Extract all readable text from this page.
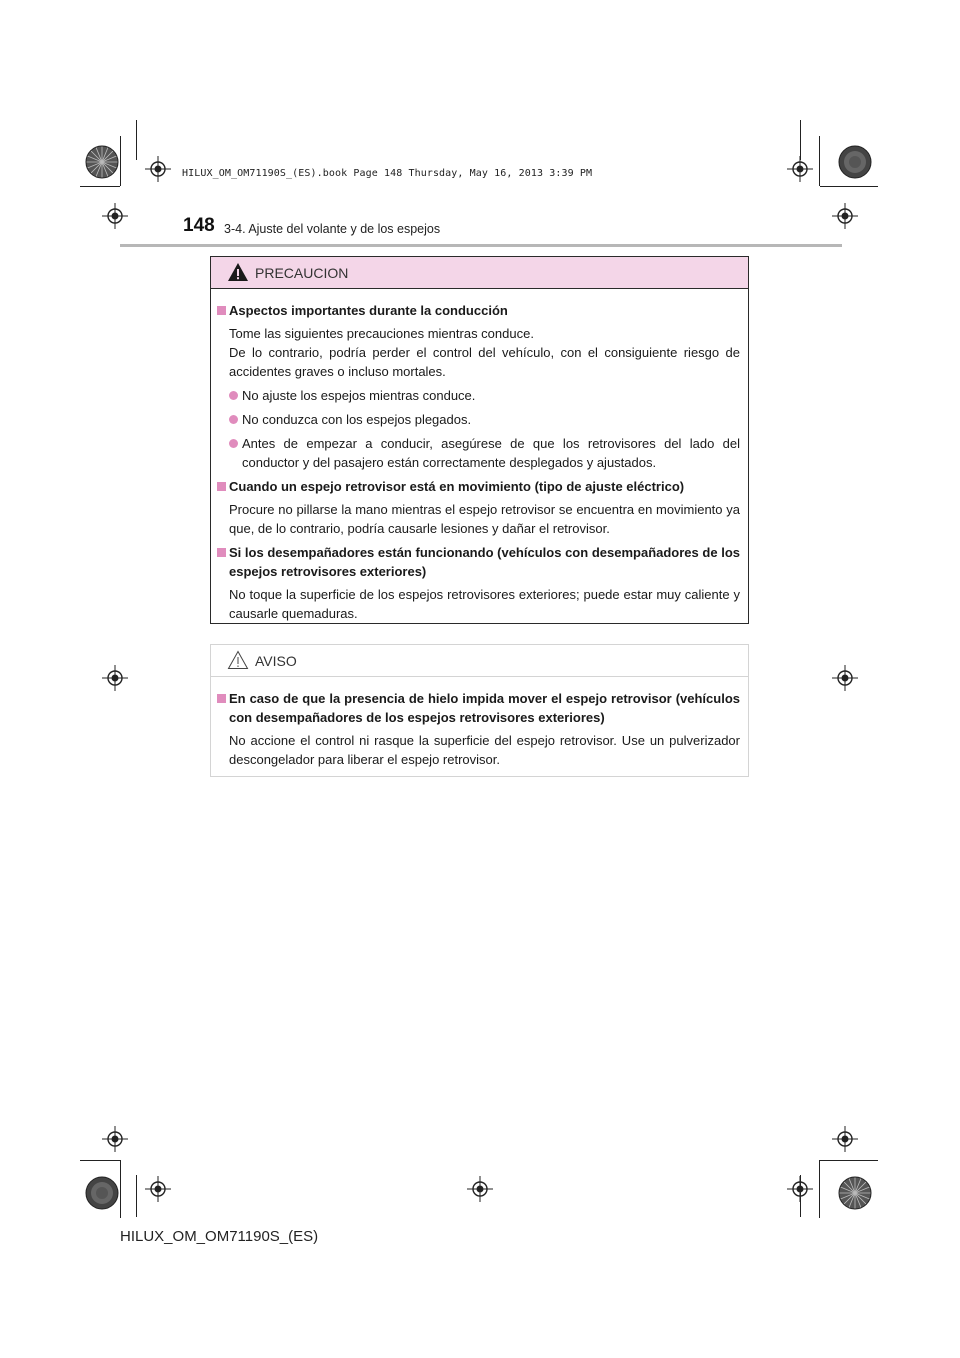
HILUX_OM_OM71190S_(ES).book Page 148 Thursday, May 16, 2013 3:39 PM
148 3-4. Ajuste del volante y de los espejos
PRECAUCION
Aspectos importantes durante la conducción
Tome las siguientes precauciones mientras conduce.
De lo contrario, podría perder el control del vehículo, con el consiguiente riesgo de accidentes graves o incluso mortales.
No ajuste los espejos mientras conduce.
No conduzca con los espejos plegados.
Antes de empezar a conducir, asegúrese de que los retrovisores del lado del conductor y del pasajero están correctamente desplegados y ajustados.
Cuando un espejo retrovisor está en movimiento (tipo de ajuste eléctrico)
Procure no pillarse la mano mientras el espejo retrovisor se encuentra en movimiento ya que, de lo contrario, podría causarle lesiones y dañar el retrovisor.
Si los desempañadores están funcionando (vehículos con desempañadores de los espejos retrovisores exteriores)
No toque la superficie de los espejos retrovisores exteriores; puede estar muy caliente y causarle quemaduras.
AVISO
En caso de que la presencia de hielo impida mover el espejo retrovisor (vehículos con desempañadores de los espejos retrovisores exteriores)
No accione el control ni rasque la superficie del espejo retrovisor. Use un pulverizador descongelador para liberar el espejo retrovisor.
HILUX_OM_OM71190S_(ES)
